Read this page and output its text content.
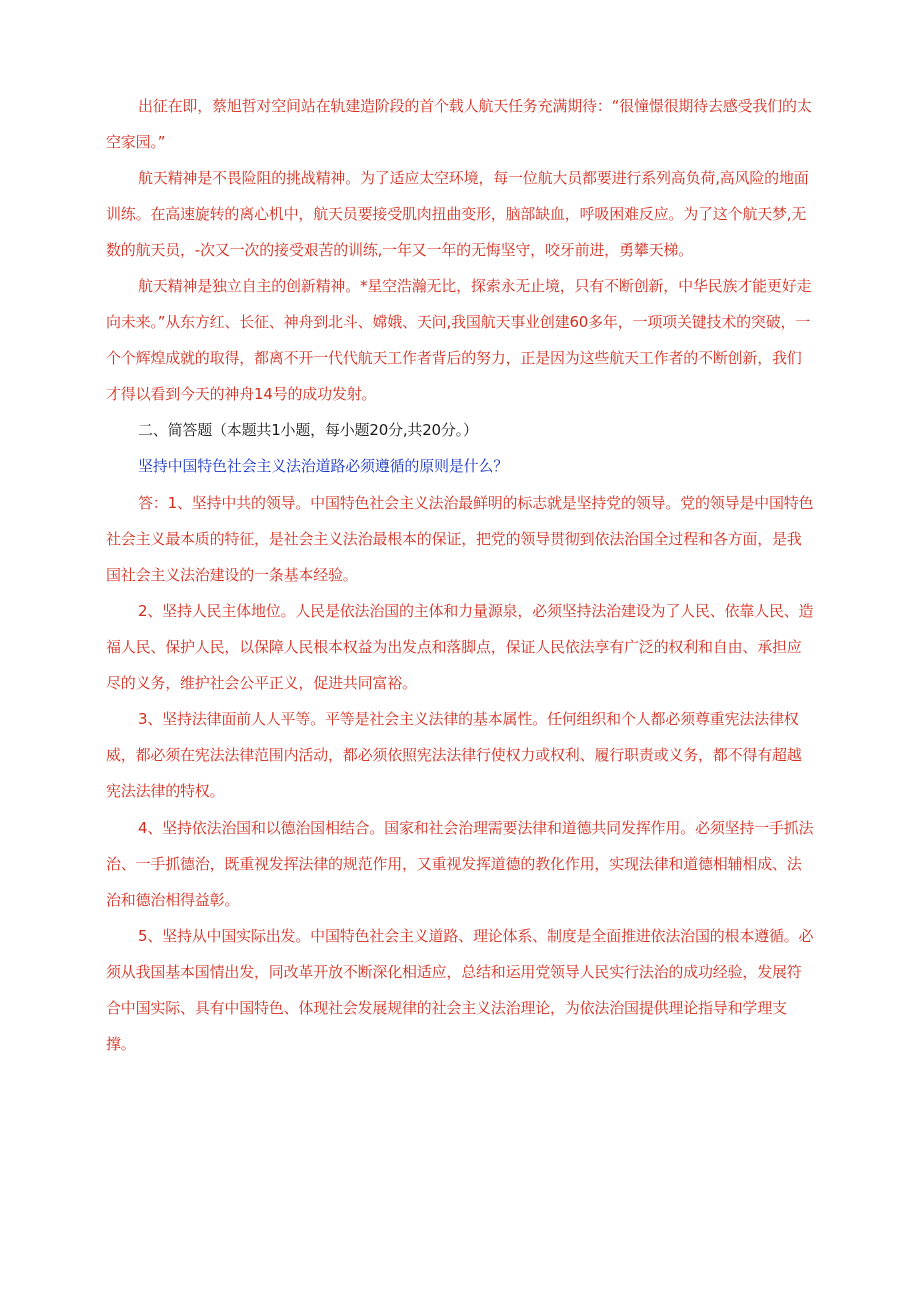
出征在即，蔡旭哲对空间站在轨建造阶段的首个载人航天任务充满期待：“很憧憬很期待去感受我们的太空家园。”

航天精神是不畏险阻的挑战精神。为了适应太空环境，每一位航大员都要进行系列高负荷,高风险的地面训练。在高速旋转的离心机中，航天员要接受肌肉扭曲变形，脑部缺血，呼吸困难反应。为了这个航天梦,无数的航天员，-次又一次的接受艰苦的训练,一年又一年的无悔坚守，咬牙前进，勇攀天梯。

航天精神是独立自主的创新精神。*星空浩瀚无比，探索永无止境，只有不断创新，中华民族才能更好走向未来。”从东方红、长征、神舟到北斗、嫦娥、天问,我国航天事业创建60多年，一项项关键技术的突破，一个个辉煌成就的取得，都离不开一代代航天工作者背后的努力，正是因为这些航天工作者的不断创新，我们才得以看到今天的神舟14号的成功发射。

二、简答题（本题共1小题，每小题20分,共20分。）

坚持中国特色社会主义法治道路必须遵循的原则是什么？

答：1、坚持中共的领导。中国特色社会主义法治最鲜明的标志就是坚持党的领导。党的领导是中国特色社会主义最本质的特征，是社会主义法治最根本的保证，把党的领导贯彻到依法治国全过程和各方面，是我国社会主义法治建设的一条基本经验。

2、坚持人民主体地位。人民是依法治国的主体和力量源泉，必须坚持法治建设为了人民、依靠人民、造福人民、保护人民，以保障人民根本权益为出发点和落脚点，保证人民依法享有广泛的权利和自由、承担应尽的义务，维护社会公平正义，促进共同富裕。

3、坚持法律面前人人平等。平等是社会主义法律的基本属性。任何组织和个人都必须尊重宪法法律权威，都必须在宪法法律范围内活动，都必须依照宪法法律行使权力或权利、履行职责或义务，都不得有超越宪法法律的特权。

4、坚持依法治国和以德治国相结合。国家和社会治理需要法律和道德共同发挥作用。必须坚持一手抓法治、一手抓德治，既重视发挥法律的规范作用，又重视发挥道德的教化作用，实现法律和道德相辅相成、法治和德治相得益彰。

5、坚持从中国实际出发。中国特色社会主义道路、理论体系、制度是全面推进依法治国的根本遵循。必须从我国基本国情出发，同改革开放不断深化相适应，总结和运用党领导人民实行法治的成功经验，发展符合中国实际、具有中国特色、体现社会发展规律的社会主义法治理论，为依法治国提供理论指导和学理支撑。
